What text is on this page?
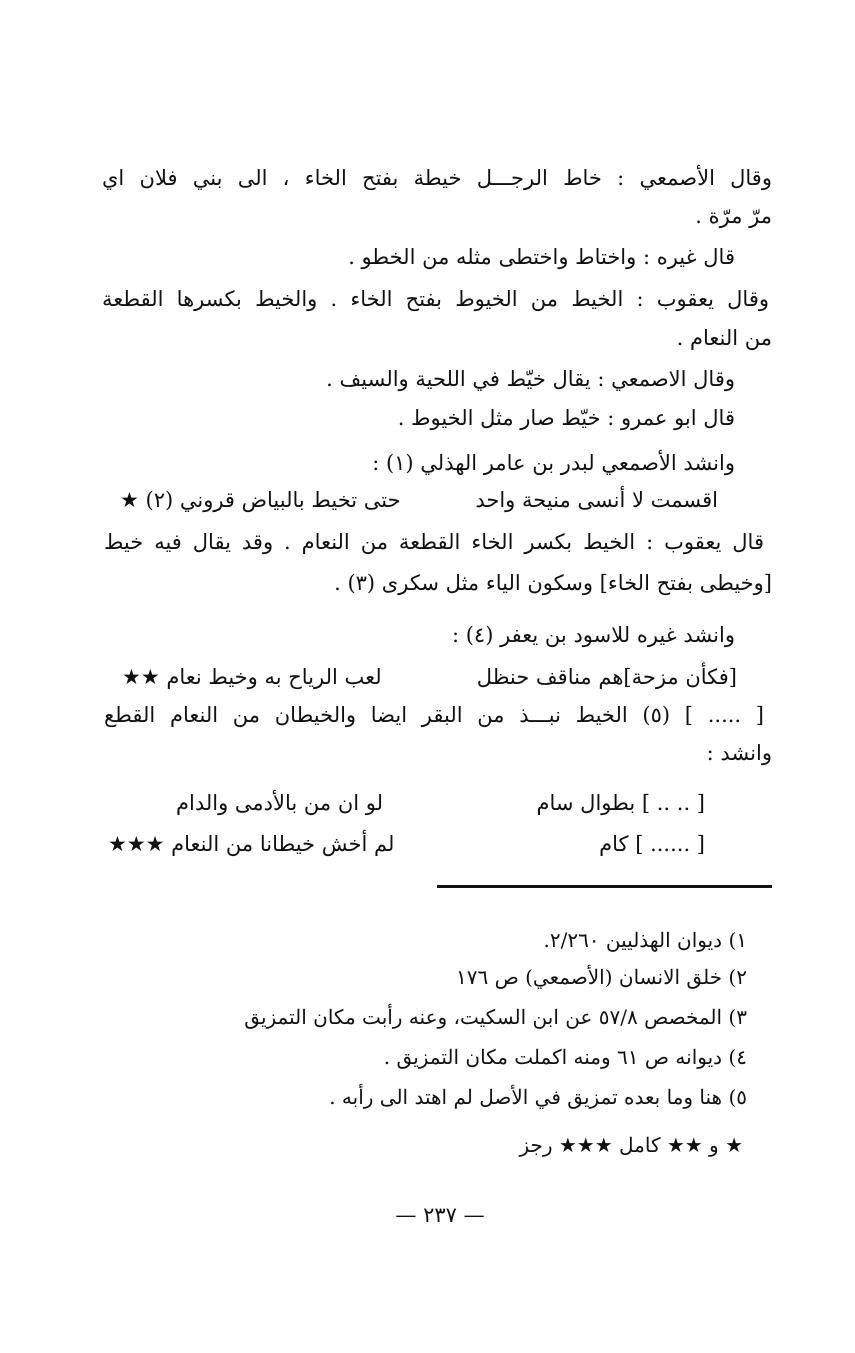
وقال الأصمعي : خاط الرجـــل خيطة بفتح الخاء ، الى بني فلان اي
مرّ مرّة .
قال غيره : واختاط واختطى مثله من الخطو .
وقال يعقوب : الخيط من الخيوط بفتح الخاء . والخيط بكسرها القطعة
من النعام .
وقال الاصمعي : يقال خيّط في اللحية والسيف .
قال ابو عمرو : خيّط صار مثل الخيوط .
وانشد الأصمعي لبدر بن عامر الهذلي (١) :
اقسمت لا أنسى منيحة واحد
حتى تخيط بالبياض قروني (٢) ★
قال يعقوب : الخيط بكسر الخاء القطعة من النعام . وقد يقال فيه خيط
[وخيطى بفتح الخاء] وسكون الياء مثل سكرى (٣) .
وانشد غيره للاسود بن يعفر (٤) :
[فكأن مزحة]هم مناقف حنظل
لعب الرياح به وخيط نعام ★★
[ ..... ] (٥) الخيط نبـــذ من البقر ايضا والخيطان من النعام القطع
وانشد :
[ .. .. ] بطوال سام
لو ان من بالأدمى والدام
[ ...... ] كام
لم أخش خيطانا من النعام ★★★
١) ديوان الهذليين ٢/٢٦٠.
٢) خلق الانسان (الأصمعي) ص ١٧٦
٣) المخصص ٥٧/٨ عن ابن السكيت، وعنه رأبت مكان التمزيق
٤) ديوانه ص ٦١ ومنه اكملت مكان التمزيق .
٥) هنا وما بعده تمزيق في الأصل لم اهتد الى رأبه .
★ و ★★ كامل ★★★ رجز
— ٢٣٧ —
